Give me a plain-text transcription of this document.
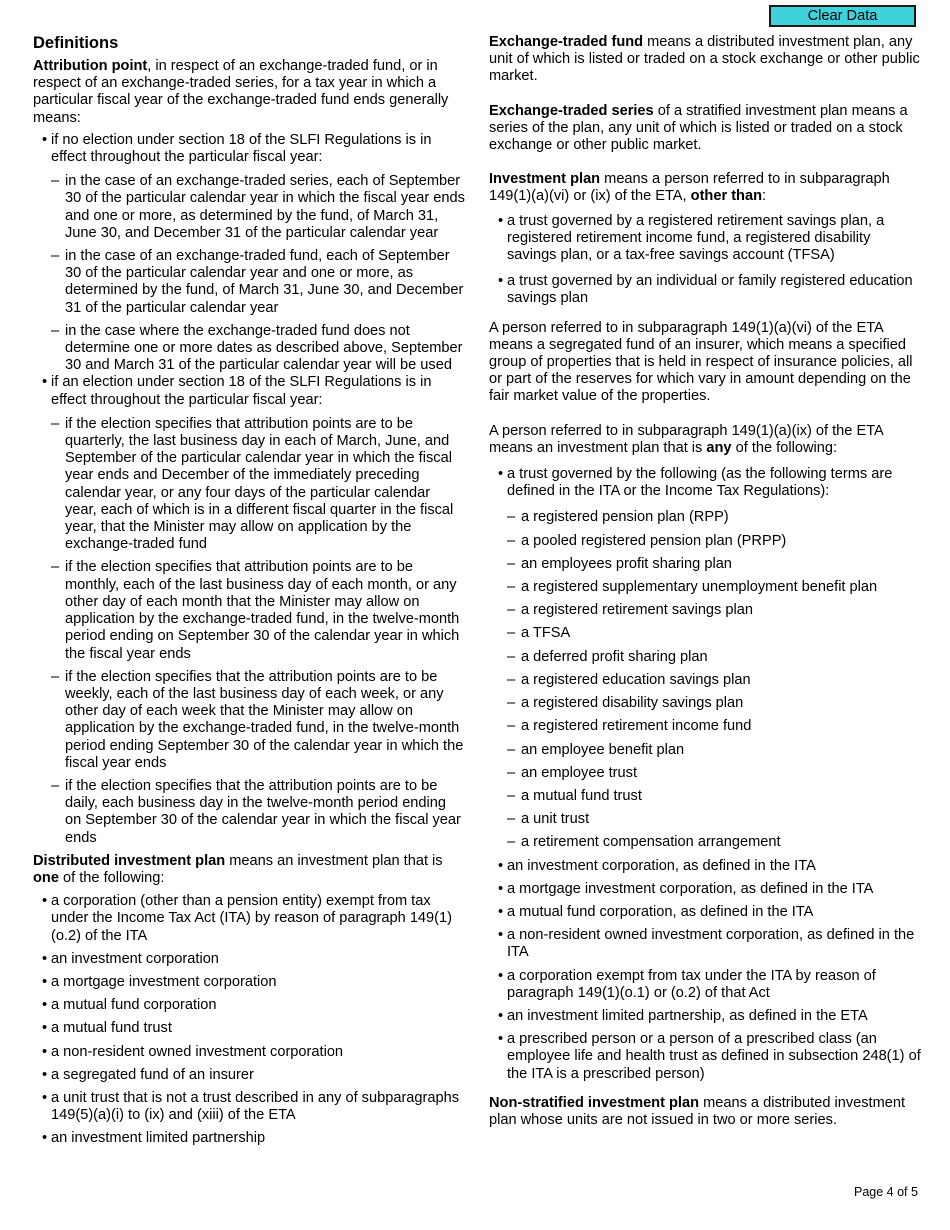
Clear Data

Definitions

Attribution point, in respect of an exchange-traded fund, or in respect of an exchange-traded series, for a tax year in which a particular fiscal year of the exchange-traded fund ends generally means:

• if no election under section 18 of the SLFI Regulations is in effect throughout the particular fiscal year:
– in the case of an exchange-traded series, each of September 30 of the particular calendar year in which the fiscal year ends and one or more, as determined by the fund, of March 31, June 30, and December 31 of the particular calendar year
– in the case of an exchange-traded fund, each of September 30 of the particular calendar year and one or more, as determined by the fund, of March 31, June 30, and December 31 of the particular calendar year
– in the case where the exchange-traded fund does not determine one or more dates as described above, September 30 and March 31 of the particular calendar year will be used
• if an election under section 18 of the SLFI Regulations is in effect throughout the particular fiscal year:
– if the election specifies that attribution points are to be quarterly, the last business day in each of March, June, and September of the particular calendar year in which the fiscal year ends and December of the immediately preceding calendar year, or any four days of the particular calendar year, each of which is in a different fiscal quarter in the fiscal year, that the Minister may allow on application by the exchange-traded fund
– if the election specifies that attribution points are to be monthly, each of the last business day of each month, or any other day of each month that the Minister may allow on application by the exchange-traded fund, in the twelve-month period ending on September 30 of the calendar year in which the fiscal year ends
– if the election specifies that the attribution points are to be weekly, each of the last business day of each week, or any other day of each week that the Minister may allow on application by the exchange-traded fund, in the twelve-month period ending September 30 of the calendar year in which the fiscal year ends
– if the election specifies that the attribution points are to be daily, each business day in the twelve-month period ending on September 30 of the calendar year in which the fiscal year ends

Distributed investment plan means an investment plan that is one of the following:

• a corporation (other than a pension entity) exempt from tax under the Income Tax Act (ITA) by reason of paragraph 149(1)(o.2) of the ITA
• an investment corporation
• a mortgage investment corporation
• a mutual fund corporation
• a mutual fund trust
• a non-resident owned investment corporation
• a segregated fund of an insurer
• a unit trust that is not a trust described in any of subparagraphs 149(5)(a)(i) to (ix) and (xiii) of the ETA
• an investment limited partnership

Exchange-traded fund means a distributed investment plan, any unit of which is listed or traded on a stock exchange or other public market.

Exchange-traded series of a stratified investment plan means a series of the plan, any unit of which is listed or traded on a stock exchange or other public market.

Investment plan means a person referred to in subparagraph 149(1)(a)(vi) or (ix) of the ETA, other than:

• a trust governed by a registered retirement savings plan, a registered retirement income fund, a registered disability savings plan, or a tax-free savings account (TFSA)
• a trust governed by an individual or family registered education savings plan

A person referred to in subparagraph 149(1)(a)(vi) of the ETA means a segregated fund of an insurer, which means a specified group of properties that is held in respect of insurance policies, all or part of the reserves for which vary in amount depending on the fair market value of the properties.

A person referred to in subparagraph 149(1)(a)(ix) of the ETA means an investment plan that is any of the following:

• a trust governed by the following (as the following terms are defined in the ITA or the Income Tax Regulations):
– a registered pension plan (RPP)
– a pooled registered pension plan (PRPP)
– an employees profit sharing plan
– a registered supplementary unemployment benefit plan
– a registered retirement savings plan
– a TFSA
– a deferred profit sharing plan
– a registered education savings plan
– a registered disability savings plan
– a registered retirement income fund
– an employee benefit plan
– an employee trust
– a mutual fund trust
– a unit trust
– a retirement compensation arrangement
• an investment corporation, as defined in the ITA
• a mortgage investment corporation, as defined in the ITA
• a mutual fund corporation, as defined in the ITA
• a non-resident owned investment corporation, as defined in the ITA
• a corporation exempt from tax under the ITA by reason of paragraph 149(1)(o.1) or (o.2) of that Act
• an investment limited partnership, as defined in the ETA
• a prescribed person or a person of a prescribed class (an employee life and health trust as defined in subsection 248(1) of the ITA is a prescribed person)

Non-stratified investment plan means a distributed investment plan whose units are not issued in two or more series.

Page 4 of 5
